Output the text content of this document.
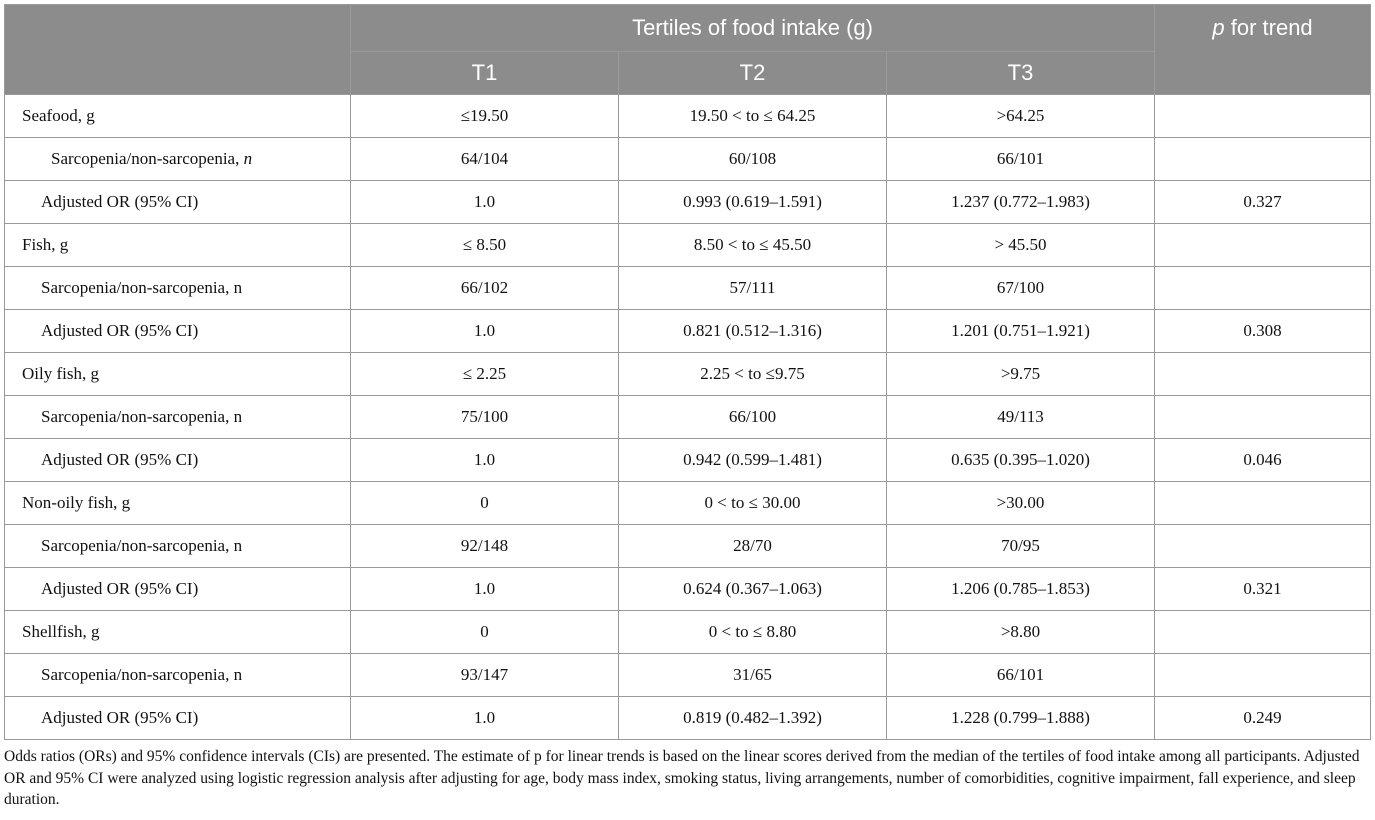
	Tertiles of food intake (g)			p for trend
	T1	T2	T3	
Seafood, g	≤19.50	19.50 < to ≤ 64.25	>64.25	
Sarcopenia/non-sarcopenia, n	64/104	60/108	66/101	
Adjusted OR (95% CI)	1.0	0.993 (0.619–1.591)	1.237 (0.772–1.983)	0.327
Fish, g	≤ 8.50	8.50 < to ≤ 45.50	> 45.50	
Sarcopenia/non-sarcopenia, n	66/102	57/111	67/100	
Adjusted OR (95% CI)	1.0	0.821 (0.512–1.316)	1.201 (0.751–1.921)	0.308
Oily fish, g	≤ 2.25	2.25 < to ≤9.75	>9.75	
Sarcopenia/non-sarcopenia, n	75/100	66/100	49/113	
Adjusted OR (95% CI)	1.0	0.942 (0.599–1.481)	0.635 (0.395–1.020)	0.046
Non-oily fish, g	0	0 < to ≤ 30.00	>30.00	
Sarcopenia/non-sarcopenia, n	92/148	28/70	70/95	
Adjusted OR (95% CI)	1.0	0.624 (0.367–1.063)	1.206 (0.785–1.853)	0.321
Shellfish, g	0	0 < to ≤ 8.80	>8.80	
Sarcopenia/non-sarcopenia, n	93/147	31/65	66/101	
Adjusted OR (95% CI)	1.0	0.819 (0.482–1.392)	1.228 (0.799–1.888)	0.249

Odds ratios (ORs) and 95% confidence intervals (CIs) are presented. The estimate of p for linear trends is based on the linear scores derived from the median of the tertiles of food intake among all participants. Adjusted OR and 95% CI were analyzed using logistic regression analysis after adjusting for age, body mass index, smoking status, living arrangements, number of comorbidities, cognitive impairment, fall experience, and sleep duration.
